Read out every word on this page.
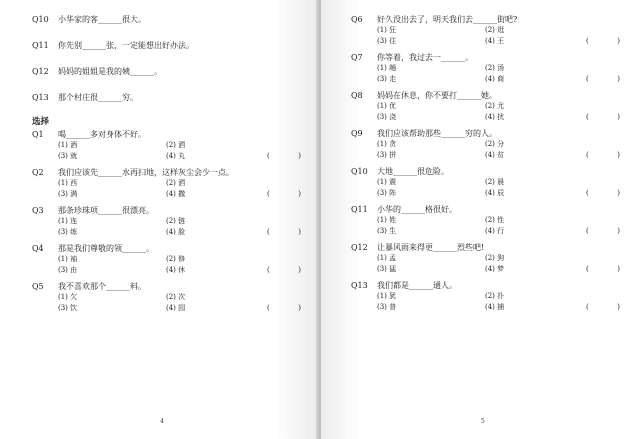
Q10 小华家的客______很大。
Q11 你先别______张，一定能想出好办法。
Q12 妈妈的姐姐是我的姨______。
Q13 那个村庄很______穷。
选择
Q1 喝______多对身体不好。
(1) 酒	(2) 洒
(3) 就	(4) 丸	(	)
Q2 我们应该先______水再扫地，这样灰尘会少一点。
(1) 西	(2) 洒
(3) 满	(4) 撒	(	)
Q3 那条珍珠项______很漂亮。
(1) 连	(2) 链
(3) 练	(4) 脸	(	)
Q4 那是我们尊敬的领______。
(1) 袖	(2) 修
(3) 由	(4) 休	(	)
Q5 我不喜欢那个______料。
(1) 欠	(2) 次
(3) 饮	(4) 园	(	)
4
Q6 好久没出去了，明天我们去______街吧?
(1) 狂	(2) 逛
(3) 往	(4) 王	(	)
Q7 你等着，我过去一______。
(1) 趟	(2) 汤
(3) 走	(4) 商	(	)
Q8 妈妈在休息，你不要打______她。
(1) 优	(2) 尤
(3) 浇	(4) 扰	(	)
Q9 我们应该帮助那些______穷的人。
(1) 贪	(2) 分
(3) 拼	(4) 贫	(	)
Q10 大地______很危险。
(1) 震	(2) 晨
(3) 阵	(4) 辰	(	)
Q11 小华的______格很好。
(1) 姓	(2) 性
(3) 生	(4) 行	(	)
Q12 让暴风雨来得更______烈些吧!
(1) 孟	(2) 狗
(3) 猛	(4) 梦	(	)
Q13 我们都是______通人。
(1) 犹	(2) 扑
(3) 普	(4) 捕	(	)
5
